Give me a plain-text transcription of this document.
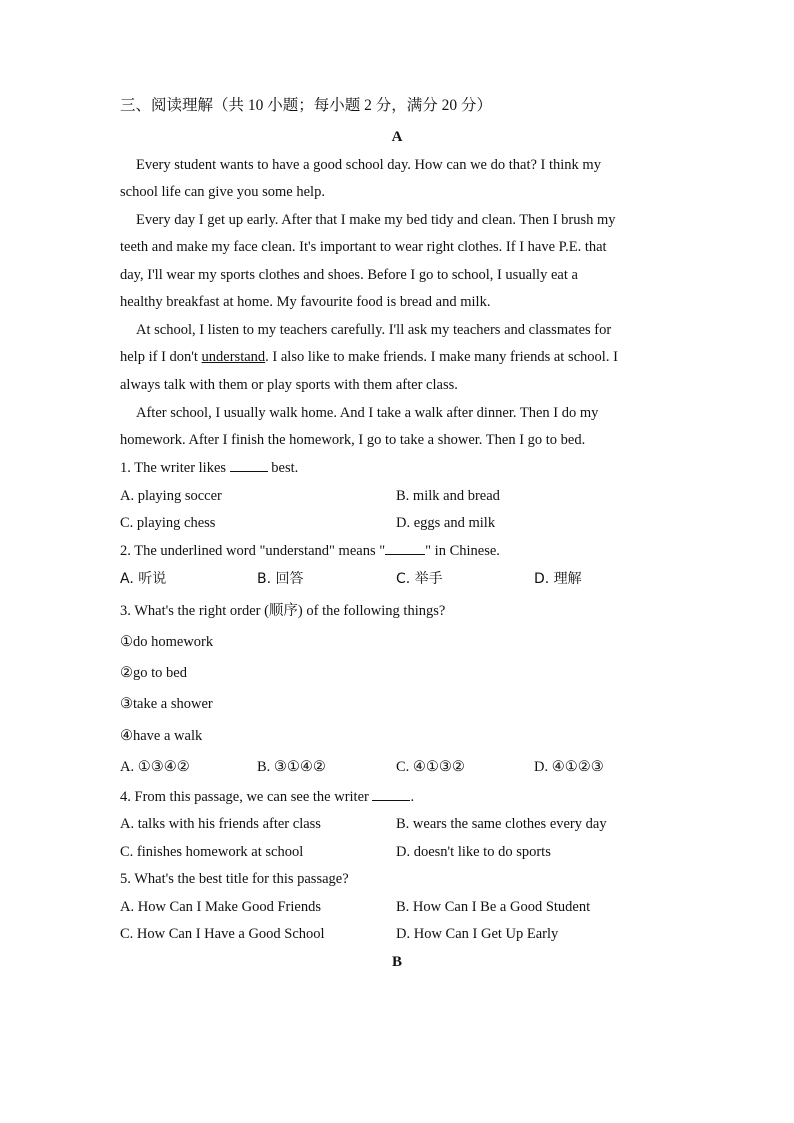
三、阅读理解（共 10 小题；每小题 2 分，满分 20 分）
A
Every student wants to have a good school day. How can we do that? I think my
school life can give you some help.
Every day I get up early. After that I make my bed tidy and clean. Then I brush my
teeth and make my face clean. It's important to wear right clothes. If I have P.E. that
day, I'll wear my sports clothes and shoes. Before I go to school, I usually eat a
healthy breakfast at home. My favourite food is bread and milk.
At school, I listen to my teachers carefully. I'll ask my teachers and classmates for
help if I don't understand. I also like to make friends. I make many friends at school. I
always talk with them or play sports with them after class.
After school, I usually walk home. And I take a walk after dinner. Then I do my
homework. After I finish the homework, I go to take a shower. Then I go to bed.
1. The writer likes	best.
A. playing soccer	B. milk and bread
C. playing chess	D. eggs and milk
2. The underlined word "understand" means "	" in Chinese.
A. 听说	B. 回答	C. 举手	D. 理解
3. What's the right order (顺序) of the following things?
①do homework
②go to bed
③take a shower
④have a walk
A. ①③④②	B. ③①④②	C. ④①③②	D. ④①②③
4. From this passage, we can see the writer	.
A. talks with his friends after class	B. wears the same clothes every day
C. finishes homework at school	D. doesn't like to do sports
5. What's the best title for this passage?
A. How Can I Make Good Friends	B. How Can I Be a Good Student
C. How Can I Have a Good School	D. How Can I Get Up Early
B
